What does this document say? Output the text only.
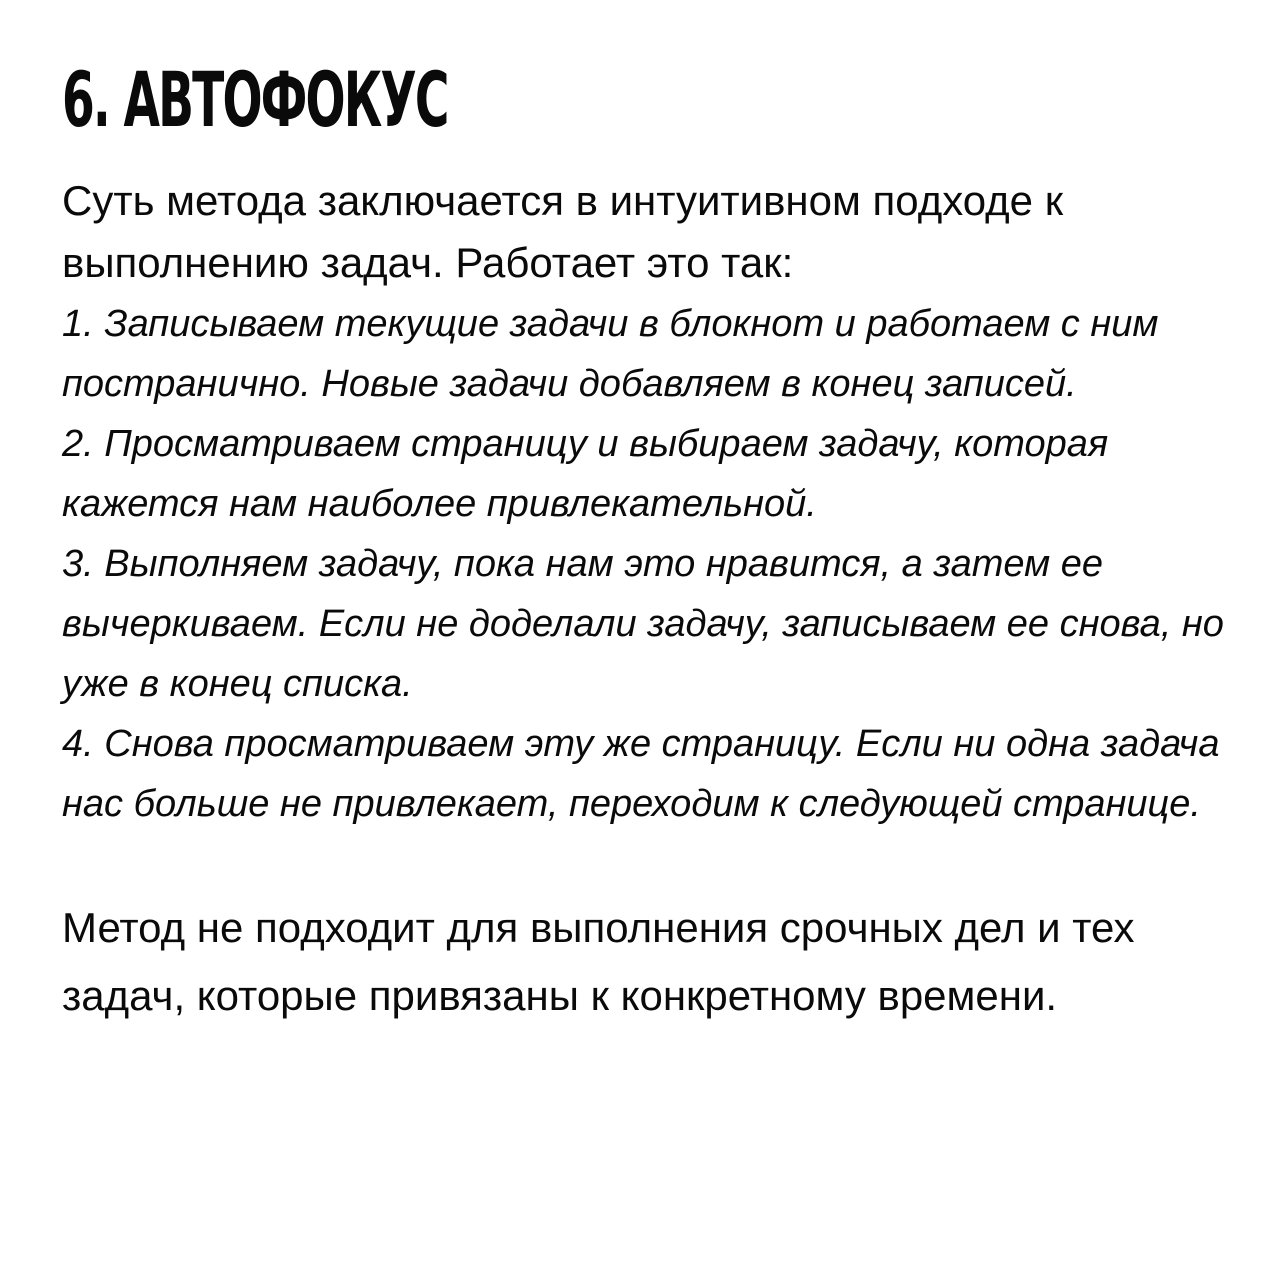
6. АВТОФОКУС

Суть метода заключается в интуитивном подходе к выполнению задач. Работает это так:

1. Записываем текущие задачи в блокнот и работаем с ним постранично. Новые задачи добавляем в конец записей.
2. Просматриваем страницу и выбираем задачу, которая кажется нам наиболее привлекательной.
3. Выполняем задачу, пока нам это нравится, а затем ее вычеркиваем. Если не доделали задачу, записываем ее снова, но уже в конец списка.
4. Снова просматриваем эту же страницу. Если ни одна задача нас больше не привлекает, переходим к следующей странице.

Метод не подходит для выполнения срочных дел и тех задач, которые привязаны к конкретному времени.
